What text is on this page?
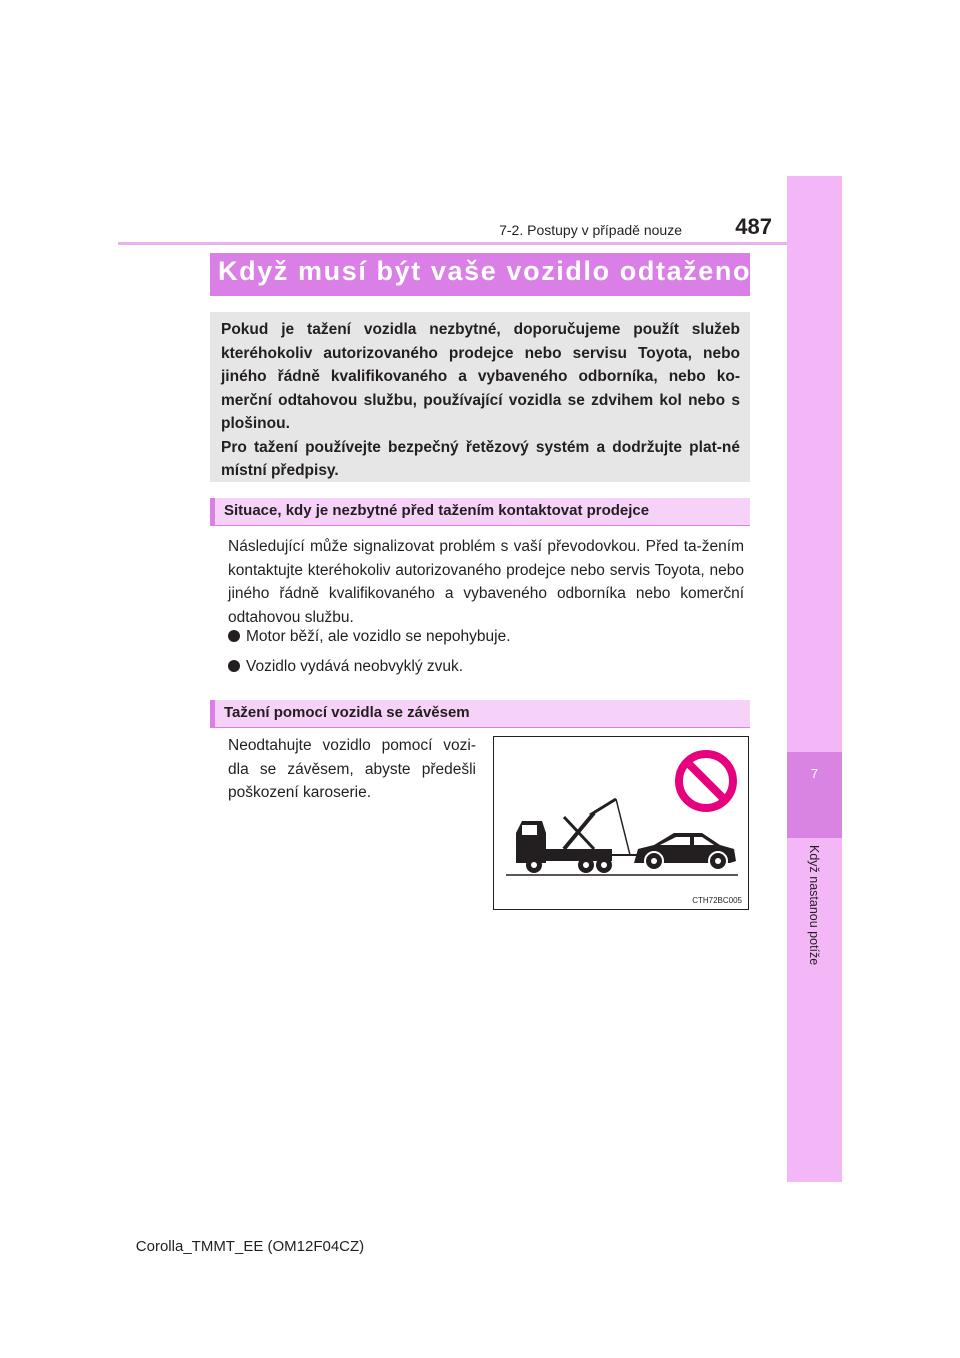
7
Když nastanou potíže
7-2. Postupy v případě nouze	487
Když musí být vaše vozidlo odtaženo

Pokud je tažení vozidla nezbytné, doporučujeme použít služeb kteréhokoliv autorizovaného prodejce nebo servisu Toyota, nebo jiného řádně kvalifikovaného a vybaveného odborníka, nebo ko-merční odtahovou službu, používající vozidla se zdvihem kol nebo s plošinou.

Pro tažení používejte bezpečný řetězový systém a dodržujte plat-né místní předpisy.

Situace, kdy je nezbytné před tažením kontaktovat prodejce

Následující může signalizovat problém s vaší převodovkou. Před ta-žením kontaktujte kteréhokoliv autorizovaného prodejce nebo servis Toyota, nebo jiného řádně kvalifikovaného a vybaveného odborníka nebo komerční odtahovou službu.

Motor běží, ale vozidlo se nepohybuje.
Vozidlo vydává neobvyklý zvuk.
Tažení pomocí vozidla se závěsem

Neodtahujte vozidlo pomocí vozi-dla se závěsem, abyste předešli poškození karoserie.

CTH72BC005
Corolla_TMMT_EE (OM12F04CZ)
